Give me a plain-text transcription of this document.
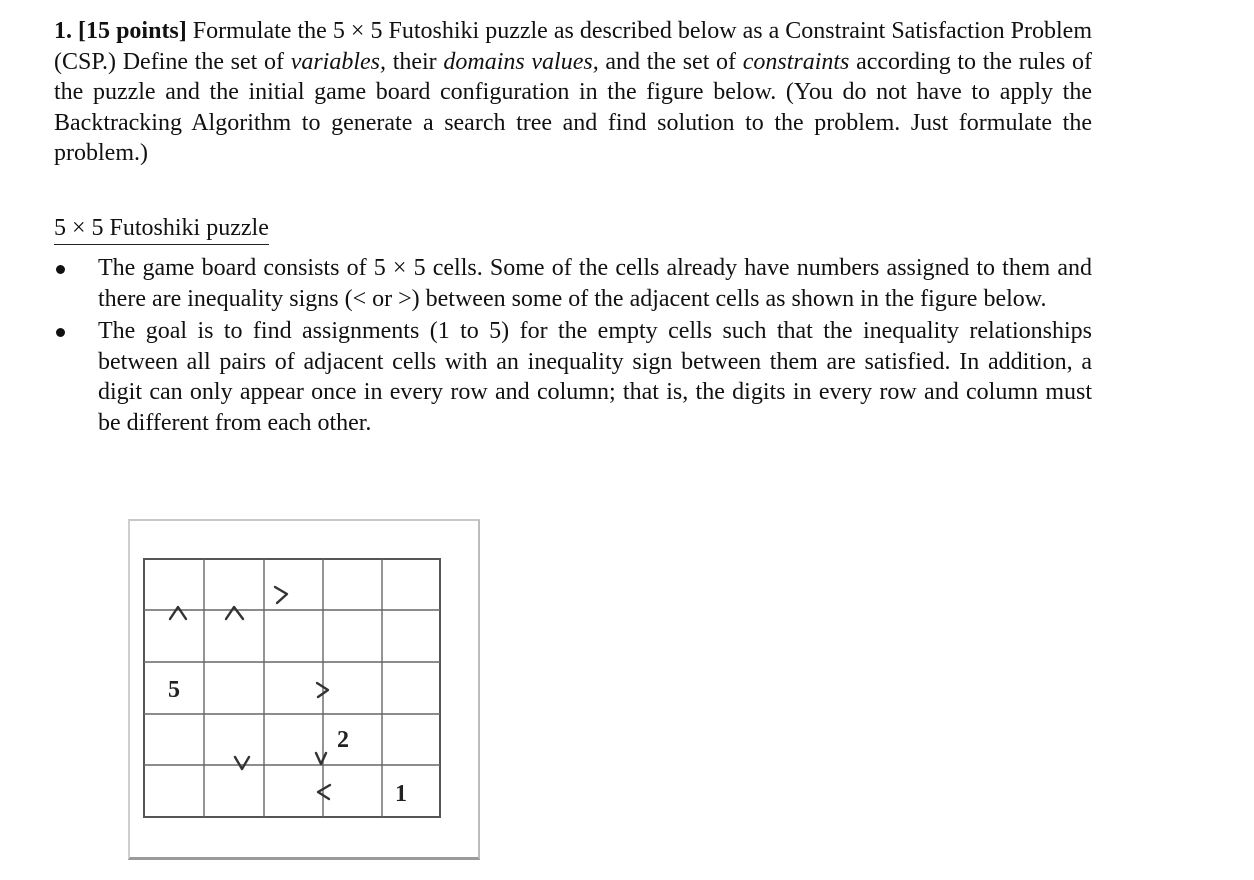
1. [15 points] Formulate the 5 × 5 Futoshiki puzzle as described below as a Constraint Satisfaction Problem (CSP.) Define the set of variables, their domains values, and the set of constraints according to the rules of the puzzle and the initial game board configuration in the figure below. (You do not have to apply the Backtracking Algorithm to generate a search tree and find solution to the problem. Just formulate the problem.)
5 × 5 Futoshiki puzzle
The game board consists of 5 × 5 cells. Some of the cells already have numbers assigned to them and there are inequality signs (< or >) between some of the adjacent cells as shown in the figure below.
The goal is to find assignments (1 to 5) for the empty cells such that the inequality relationships between all pairs of adjacent cells with an inequality sign between them are satisfied. In addition, a digit can only appear once in every row and column; that is, the digits in every row and column must be different from each other.
5
2
1
